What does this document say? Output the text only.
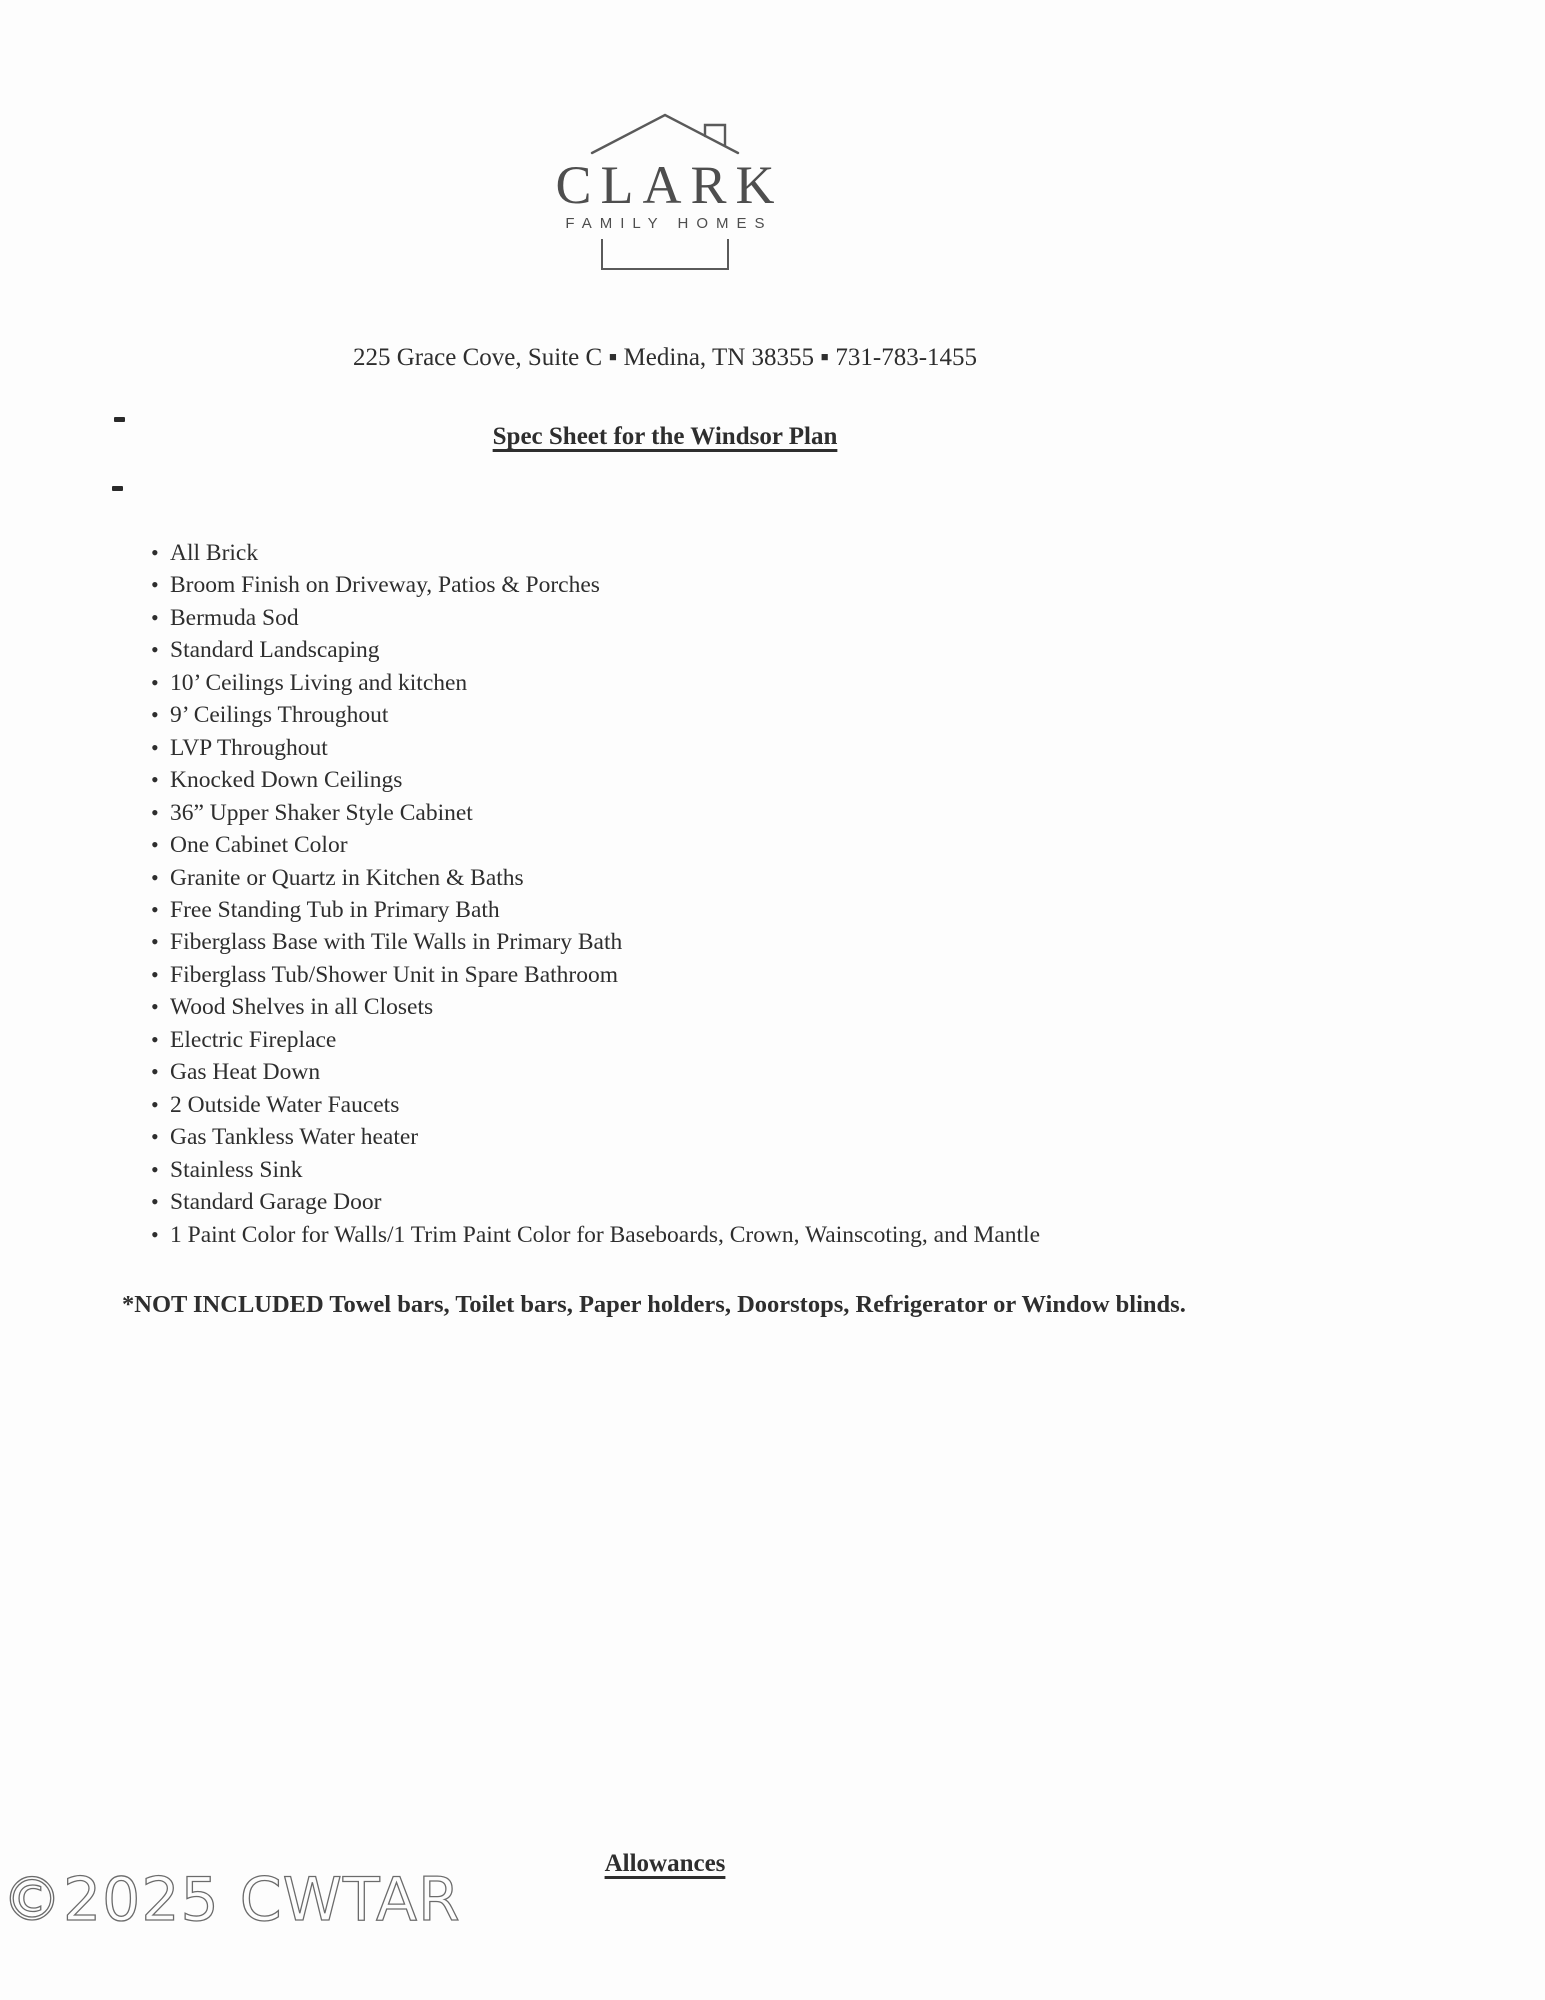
CLARK
FAMILY HOMES
225 Grace Cove, Suite C ▪ Medina, TN 38355 ▪ 731-783-1455
Spec Sheet for the Windsor Plan
• All Brick
• Broom Finish on Driveway, Patios & Porches
• Bermuda Sod
• Standard Landscaping
• 10’ Ceilings Living and kitchen
• 9’ Ceilings Throughout
• LVP Throughout
• Knocked Down Ceilings
• 36” Upper Shaker Style Cabinet
• One Cabinet Color
• Granite or Quartz in Kitchen & Baths
• Free Standing Tub in Primary Bath
• Fiberglass Base with Tile Walls in Primary Bath
• Fiberglass Tub/Shower Unit in Spare Bathroom
• Wood Shelves in all Closets
• Electric Fireplace
• Gas Heat Down
• 2 Outside Water Faucets
• Gas Tankless Water heater
• Stainless Sink
• Standard Garage Door
• 1 Paint Color for Walls/1 Trim Paint Color for Baseboards, Crown, Wainscoting, and Mantle
*NOT INCLUDED Towel bars, Toilet bars, Paper holders, Doorstops, Refrigerator or Window blinds.
Allowances
©2025 CWTAR
